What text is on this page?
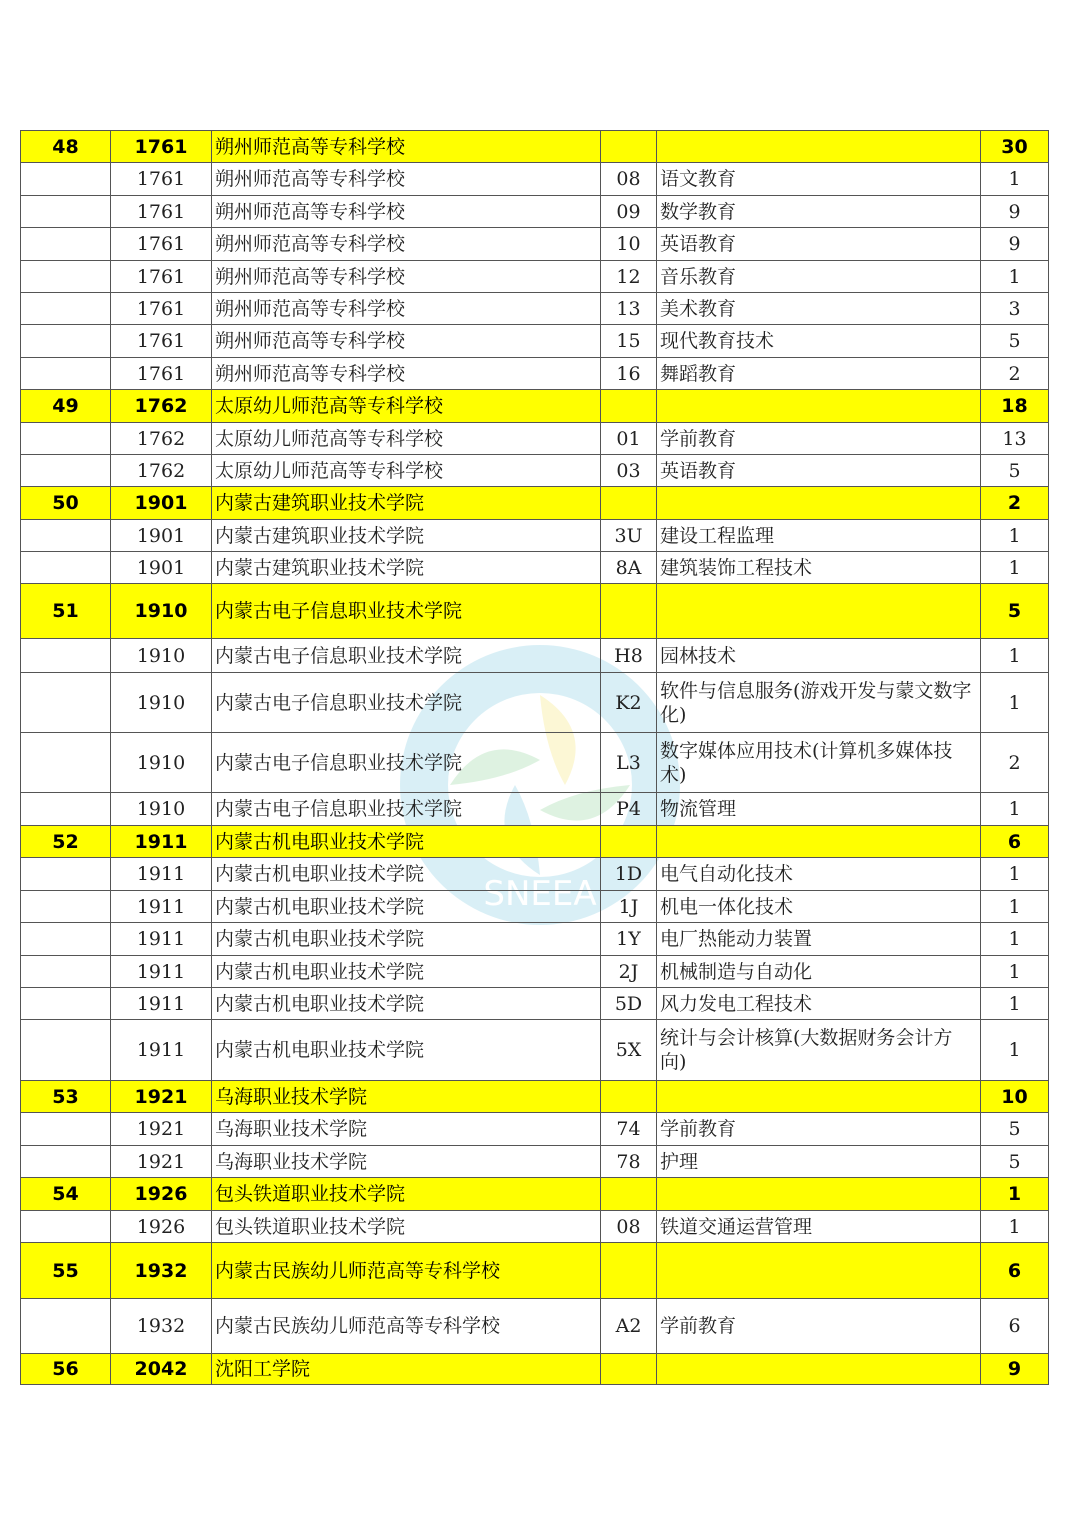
SNEEA
48	1761	朔州师范高等专科学校			30
	1761	朔州师范高等专科学校	08	语文教育	1
	1761	朔州师范高等专科学校	09	数学教育	9
	1761	朔州师范高等专科学校	10	英语教育	9
	1761	朔州师范高等专科学校	12	音乐教育	1
	1761	朔州师范高等专科学校	13	美术教育	3
	1761	朔州师范高等专科学校	15	现代教育技术	5
	1761	朔州师范高等专科学校	16	舞蹈教育	2
49	1762	太原幼儿师范高等专科学校			18
	1762	太原幼儿师范高等专科学校	01	学前教育	13
	1762	太原幼儿师范高等专科学校	03	英语教育	5
50	1901	内蒙古建筑职业技术学院			2
	1901	内蒙古建筑职业技术学院	3U	建设工程监理	1
	1901	内蒙古建筑职业技术学院	8A	建筑装饰工程技术	1
51	1910	内蒙古电子信息职业技术学院			5
	1910	内蒙古电子信息职业技术学院	H8	园林技术	1
	1910	内蒙古电子信息职业技术学院	K2	软件与信息服务(游戏开发与蒙文数字化)	1
	1910	内蒙古电子信息职业技术学院	L3	数字媒体应用技术(计算机多媒体技术)	2
	1910	内蒙古电子信息职业技术学院	P4	物流管理	1
52	1911	内蒙古机电职业技术学院			6
	1911	内蒙古机电职业技术学院	1D	电气自动化技术	1
	1911	内蒙古机电职业技术学院	1J	机电一体化技术	1
	1911	内蒙古机电职业技术学院	1Y	电厂热能动力装置	1
	1911	内蒙古机电职业技术学院	2J	机械制造与自动化	1
	1911	内蒙古机电职业技术学院	5D	风力发电工程技术	1
	1911	内蒙古机电职业技术学院	5X	统计与会计核算(大数据财务会计方向)	1
53	1921	乌海职业技术学院			10
	1921	乌海职业技术学院	74	学前教育	5
	1921	乌海职业技术学院	78	护理	5
54	1926	包头铁道职业技术学院			1
	1926	包头铁道职业技术学院	08	铁道交通运营管理	1
55	1932	内蒙古民族幼儿师范高等专科学校			6
	1932	内蒙古民族幼儿师范高等专科学校	A2	学前教育	6
56	2042	沈阳工学院			9
